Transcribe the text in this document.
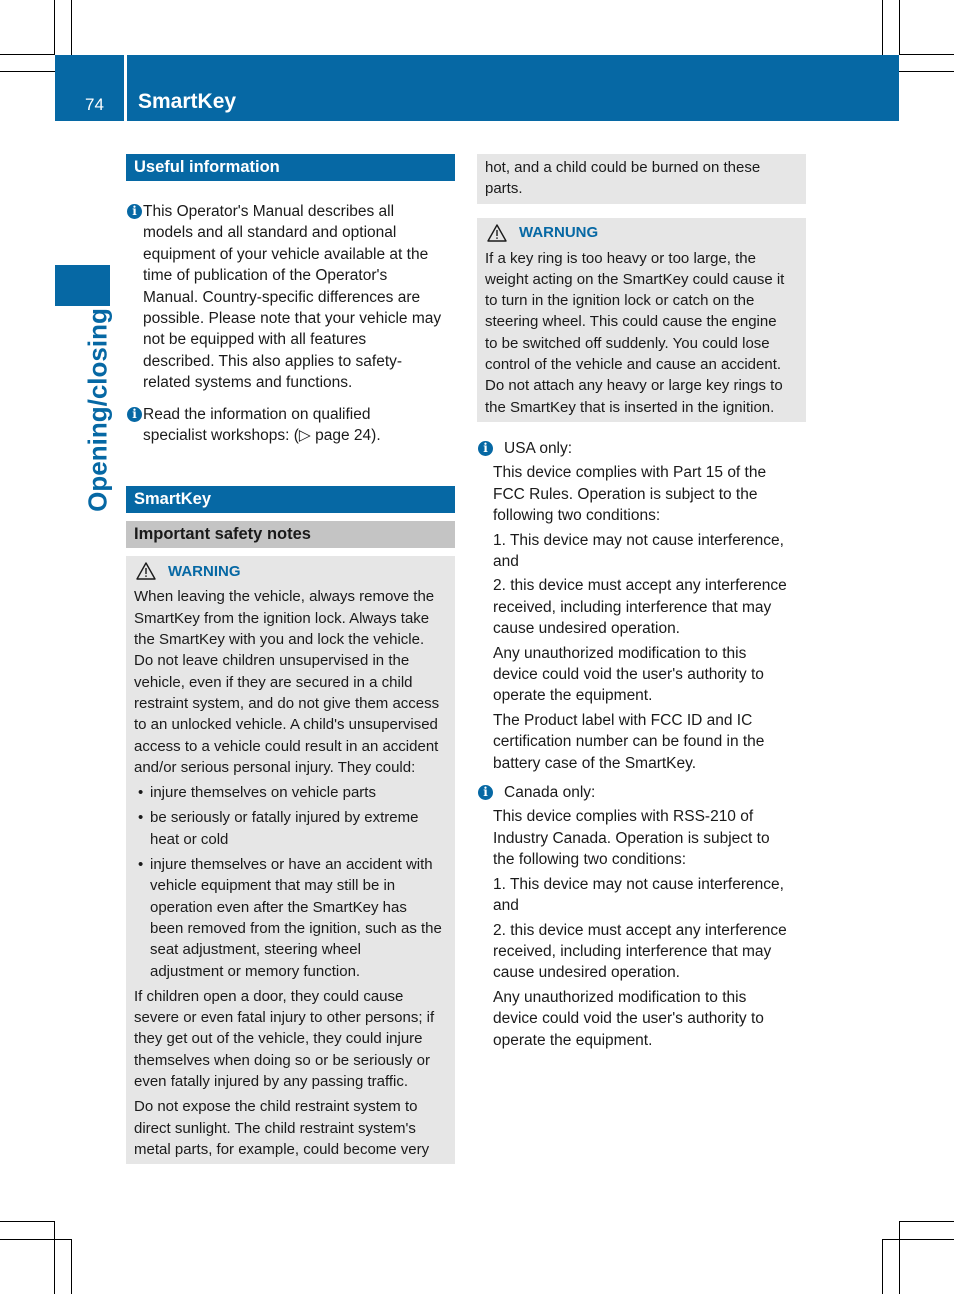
74 SmartKey
Opening/closing
Useful information
i This Operator's Manual describes all
models and all standard and optional
equipment of your vehicle available at the
time of publication of the Operator's
Manual. Country-specific differences are
possible. Please note that your vehicle may
not be equipped with all features
described. This also applies to safety-
related systems and functions.
i Read the information on qualified
specialist workshops: (▷ page 24).
SmartKey
Important safety notes
WARNING

When leaving the vehicle, always remove the
SmartKey from the ignition lock. Always take
the SmartKey with you and lock the vehicle.
Do not leave children unsupervised in the
vehicle, even if they are secured in a child
restraint system, and do not give them access
to an unlocked vehicle. A child's unsupervised
access to a vehicle could result in an accident
and/or serious personal injury. They could:

• injure themselves on vehicle parts
• be seriously or fatally injured by extreme
heat or cold
• injure themselves or have an accident with
vehicle equipment that may still be in
operation even after the SmartKey has
been removed from the ignition, such as the
seat adjustment, steering wheel
adjustment or memory function.

If children open a door, they could cause
severe or even fatal injury to other persons; if
they get out of the vehicle, they could injure
themselves when doing so or be seriously or
even fatally injured by any passing traffic.

Do not expose the child restraint system to
direct sunlight. The child restraint system's
metal parts, for example, could become very

hot, and a child could be burned on these
parts.

WARNUNG

If a key ring is too heavy or too large, the
weight acting on the SmartKey could cause it
to turn in the ignition lock or catch on the
steering wheel. This could cause the engine
to be switched off suddenly. You could lose
control of the vehicle and cause an accident.
Do not attach any heavy or large key rings to
the SmartKey that is inserted in the ignition.

i	USA only:

This device complies with Part 15 of the
FCC Rules. Operation is subject to the
following two conditions:

1. This device may not cause interference,
and

2. this device must accept any interference
received, including interference that may
cause undesired operation.

Any unauthorized modification to this
device could void the user's authority to
operate the equipment.

The Product label with FCC ID and IC
certification number can be found in the
battery case of the SmartKey.

i	Canada only:

This device complies with RSS-210 of
Industry Canada. Operation is subject to
the following two conditions:

1. This device may not cause interference,
and

2. this device must accept any interference
received, including interference that may
cause undesired operation.

Any unauthorized modification to this
device could void the user's authority to
operate the equipment.
